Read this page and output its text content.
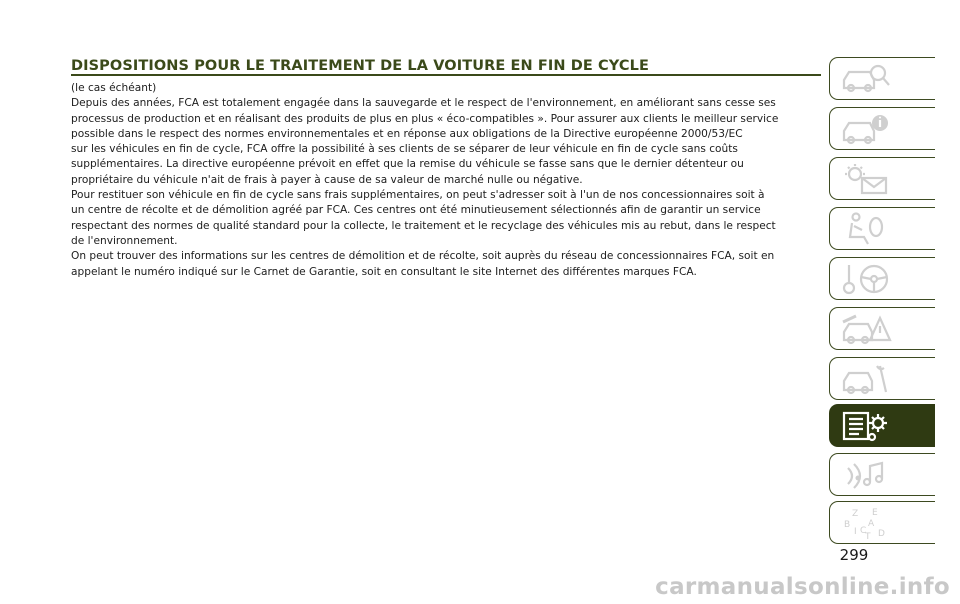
DISPOSITIONS POUR LE TRAITEMENT DE LA VOITURE EN FIN DE CYCLE

(le cas échéant)

Depuis des années, FCA est totalement engagée dans la sauvegarde et le respect de l'environnement, en améliorant sans cesse ses

processus de production et en réalisant des produits de plus en plus « éco-compatibles ». Pour assurer aux clients le meilleur service

possible dans le respect des normes environnementales et en réponse aux obligations de la Directive européenne 2000/53/EC

sur les véhicules en fin de cycle, FCA offre la possibilité à ses clients de se séparer de leur véhicule en fin de cycle sans coûts

supplémentaires. La directive européenne prévoit en effet que la remise du véhicule se fasse sans que le dernier détenteur ou

propriétaire du véhicule n'ait de frais à payer à cause de sa valeur de marché nulle ou négative.

Pour restituer son véhicule en fin de cycle sans frais supplémentaires, on peut s'adresser soit à l'un de nos concessionnaires soit à

un centre de récolte et de démolition agréé par FCA. Ces centres ont été minutieusement sélectionnés afin de garantir un service

respectant des normes de qualité standard pour la collecte, le traitement et le recyclage des véhicules mis au rebut, dans le respect

de l'environnement.

On peut trouver des informations sur les centres de démolition et de récolte, soit auprès du réseau de concessionnaires FCA, soit en

appelant le numéro indiqué sur le Carnet de Garantie, soit en consultant le site Internet des différentes marques FCA.

Z E
B A
I C
T D
299
carmanualsonline.info
